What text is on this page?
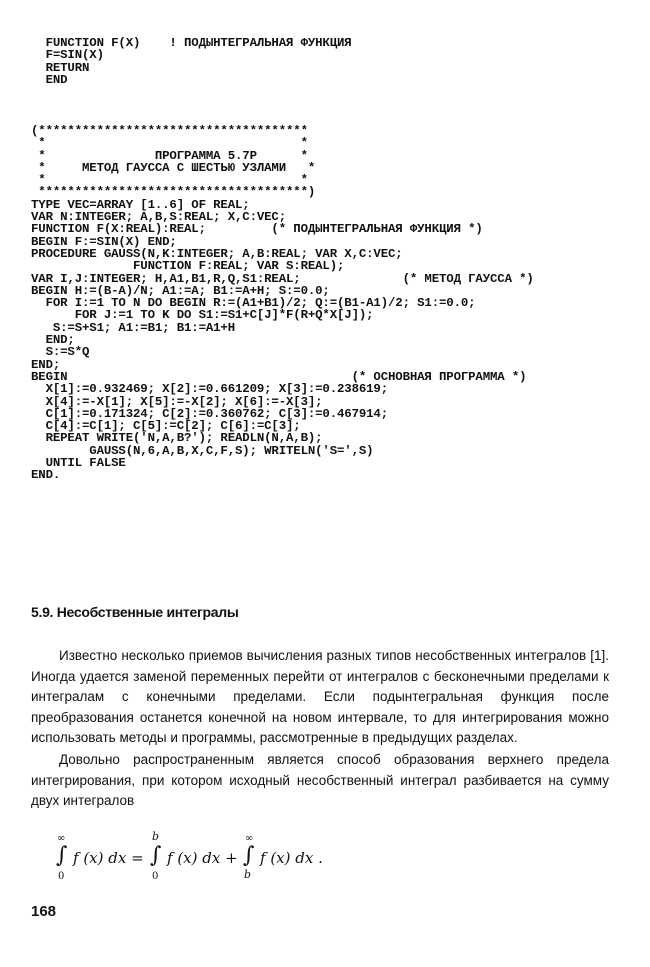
FUNCTION F(X)    ! ПОДЫНТЕГРАЛЬНАЯ ФУНКЦИЯ
F=SIN(X)
RETURN
END
(*************************************
*                                   *
*               ПРОГРАММА 5.7P      *
*     МЕТОД ГАУССА С ШЕСТЬЮ УЗЛАМИ   *
*                                   *
*************************************)
TYPE VEC=ARRAY [1..6] OF REAL;
VAR N:INTEGER; A,B,S:REAL; X,C:VEC;
FUNCTION F(X:REAL):REAL;         (* ПОДЫНТЕГРАЛЬНАЯ ФУНКЦИЯ *)
BEGIN F:=SIN(X) END;
PROCEDURE GAUSS(N,K:INTEGER; A,B:REAL; VAR X,C:VEC;
FUNCTION F:REAL; VAR S:REAL);
VAR I,J:INTEGER; H,A1,B1,R,Q,S1:REAL;              (* МЕТОД ГАУССА *)
BEGIN H:=(B-A)/N; A1:=A; B1:=A+H; S:=0.0;
FOR I:=1 TO N DO BEGIN R:=(A1+B1)/2; Q:=(B1-A1)/2; S1:=0.0;
FOR J:=1 TO K DO S1:=S1+C[J]*F(R+Q*X[J]);
S:=S+S1; A1:=B1; B1:=A1+H
END;
S:=S*Q
END;
BEGIN                                       (* ОСНОВНАЯ ПРОГРАММА *)
X[1]:=0.932469; X[2]:=0.661209; X[3]:=0.238619;
X[4]:=-X[1]; X[5]:=-X[2]; X[6]:=-X[3];
C[1]:=0.171324; C[2]:=0.360762; C[3]:=0.467914;
C[4]:=C[1]; C[5]:=C[2]; C[6]:=C[3];
REPEAT WRITE('N,A,B?'); READLN(N,A,B);
GAUSS(N,6,A,B,X,C,F,S); WRITELN('S=',S)
UNTIL FALSE
END.
5.9. Несобственные интегралы

Известно несколько приемов вычисления разных типов несобственных интегралов [1]. Иногда удается заменой переменных перейти от интегралов с бесконечными пределами к интегралам с конечными пределами. Если подынтегральная функция после преобразования останется конечной на новом интервале, то для интегрирования можно использовать методы и программы, рассмотренные в предыдущих разделах.

Довольно распространенным является способ образования верхнего предела интегрирования, при котором исходный несобственный интеграл разбивается на сумму двух интегралов

∞
∫
0
f (x) dx =
b
∫
0
f (x) dx +
∞
∫
b
f (x) dx .
168
